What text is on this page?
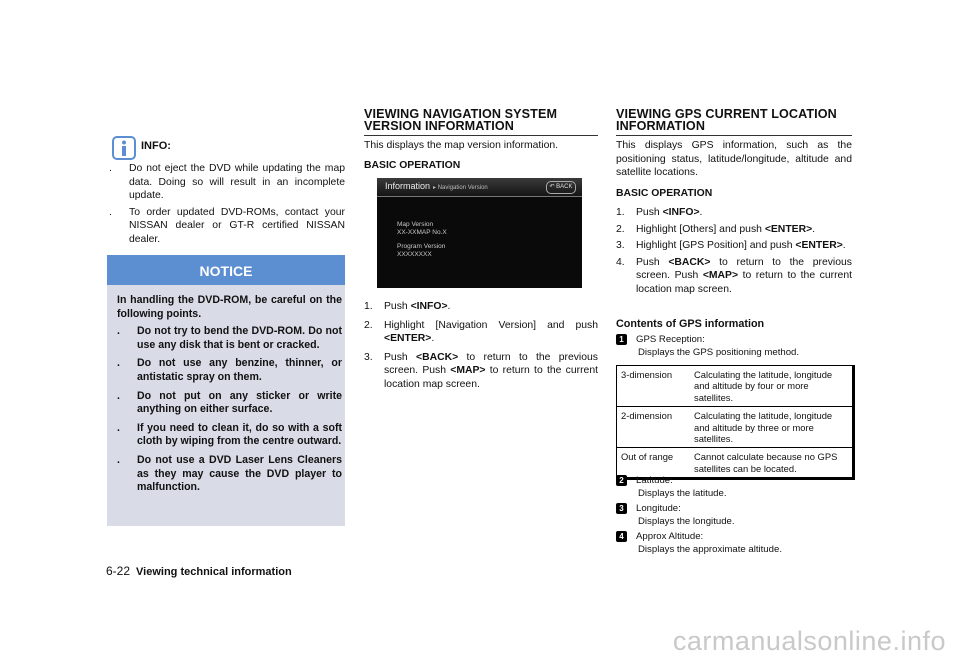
INFO:
. Do not eject the DVD while updating the map data. Doing so will result in an incomplete update.
. To order updated DVD-ROMs, contact your NISSAN dealer or GT-R certified NISSAN dealer.
NOTICE

In handling the DVD-ROM, be careful on the following points.

. Do not try to bend the DVD-ROM. Do not use any disk that is bent or cracked.
. Do not use any benzine, thinner, or antistatic spray on them.
. Do not put on any sticker or write anything on either surface.
. If you need to clean it, do so with a soft cloth by wiping from the centre outward.
. Do not use a DVD Laser Lens Cleaners as they may cause the DVD player to malfunction.
6-22 Viewing technical information
VIEWING NAVIGATION SYSTEM
VERSION INFORMATION
This displays the map version information.
BASIC OPERATION
Information ▸ Navigation Version	↶ BACK
Map Version
XX-XXMAP No.X
Program Version
XXXXXXXX
1. Push <INFO>.
2. Highlight [Navigation Version] and push <ENTER>.
3. Push <BACK> to return to the previous screen. Push <MAP> to return to the current location map screen.
VIEWING GPS CURRENT LOCATION
INFORMATION
This displays GPS information, such as the positioning status, latitude/longitude, altitude and satellite locations.
BASIC OPERATION
1. Push <INFO>.
2. Highlight [Others] and push <ENTER>.
3. Highlight [GPS Position] and push <ENTER>.
4. Push <BACK> to return to the previous screen. Push <MAP> to return to the current location map screen.
Contents of GPS information
1 GPS Reception:
Displays the GPS positioning method.
3-dimension	Calculating the latitude, longitude and altitude by four or more satellites.
2-dimension	Calculating the latitude, longitude and altitude by three or more satellites.
Out of range	Cannot calculate because no GPS satellites can be located.
2 Latitude:
Displays the latitude.
3 Longitude:
Displays the longitude.
4 Approx Altitude:
Displays the approximate altitude.
carmanualsonline.info
